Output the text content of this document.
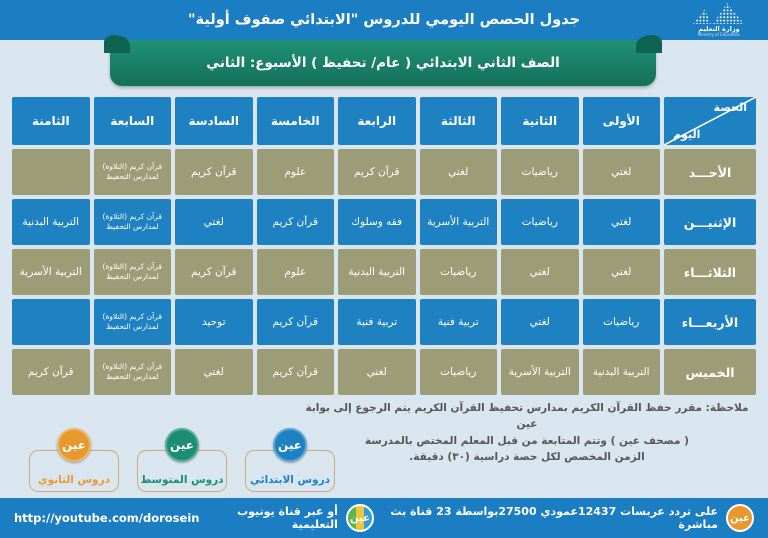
جدول الحصص اليومي للدروس "الابتدائي صفوف أولية"
وزارة التعليم
Ministry of Education
الصف الثاني الابتدائي ( عام/ تحفيظ ) الأسبوع: الثاني
الحصة
اليوم
الأولى
الثانية
الثالثة
الرابعة
الخامسة
السادسة
السابعة
الثامنة
الأحـــد
لغتي
رياضيات
لغتي
قرآن كريم
علوم
قرآن كريم
قرآن كريم (التلاوة) لمدارس التحفيظ
الإثنيـــن
لغتي
رياضيات
التربية الأسرية
فقه وسلوك
قرآن كريم
لغتي
قرآن كريم (التلاوة) لمدارس التحفيظ
التربية البدنية
الثلاثـــاء
لغتي
لغتي
رياضيات
التربية البدنية
علوم
قرآن كريم
قرآن كريم (التلاوة) لمدارس التحفيظ
التربية الأسرية
الأربعـــاء
رياضيات
لغتي
تربية فنية
تربية فنية
قرآن كريم
توحيد
قرآن كريم (التلاوة) لمدارس التحفيظ
الخميس
التربية البدنية
التربية الأسرية
رياضيات
لغتي
قرآن كريم
لغتي
قرآن كريم (التلاوة) لمدارس التحفيظ
قرآن كريم
ملاحظة: مقرر حفظ القرآن الكريم بمدارس تحفيظ القرآن الكريم يتم الرجوع إلى بوابة عين
( مصحف عين ) وتتم المتابعة من قبل المعلم المختص بالمدرسة
الزمن المخصص لكل حصة دراسية (٣٠) دقيقة.
عين
دروس الابتدائي
عين
دروس المتوسط
عين
دروس الثانوي
عين
على تردد عربسات 12437عمودي 27500بواسطة 23 قناة بث مباشرة
عين
أو عبر قناة يوتيوب التعليمية
http://youtube.com/dorosein
